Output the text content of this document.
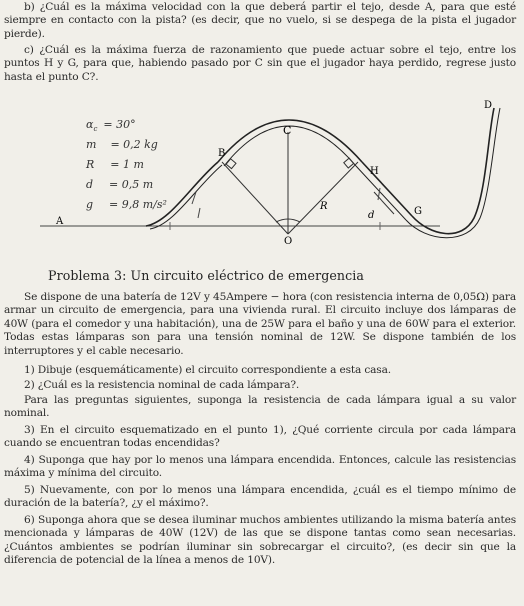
b) ¿Cuál es la máxima velocidad con la que deberá partir el tejo, desde A, para que esté siempre en contacto con la pista? (es decir, que no vuelo, si se despega de la pista el jugador pierde).

c) ¿Cuál es la máxima fuerza de razonamiento que puede actuar sobre el tejo, entre los puntos H y G, para que, habiendo pasado por C sin que el jugador haya perdido, regrese justo hasta el punto C?.

A
B
C
D
H
G
O
R
d
$\alpha_c = 30^\circ$
m = 0,2 kg
R = 1 m
d = 0,5 m
g = 9,8 m/s²

Problema 3: Un circuito eléctrico de emergencia

Se dispone de una batería de 12V y 45Ampere − hora (con resistencia interna de 0,05Ω) para armar un circuito de emergencia, para una vivienda rural. El circuito incluye dos lámparas de 40W (para el comedor y una habitación), una de 25W para el baño y una de 60W para el exterior. Todas estas lámparas son para una tensión nominal de 12W. Se dispone también de los interruptores y el cable necesario.

1) Dibuje (esquemáticamente) el circuito correspondiente a esta casa.

2) ¿Cuál es la resistencia nominal de cada lámpara?.

Para las preguntas siguientes, suponga la resistencia de cada lámpara igual a su valor nominal.

3) En el circuito esquematizado en el punto 1), ¿Qué corriente circula por cada lámpara cuando se encuentran todas encendidas?

4) Suponga que hay por lo menos una lámpara encendida. Entonces, calcule las resistencias máxima y mínima del circuito.

5) Nuevamente, con por lo menos una lámpara encendida, ¿cuál es el tiempo mínimo de duración de la batería?, ¿y el máximo?.

6) Suponga ahora que se desea iluminar muchos ambientes utilizando la misma batería antes mencionada y lámparas de 40W (12V) de las que se dispone tantas como sean necesarias. ¿Cuántos ambientes se podrían iluminar sin sobrecargar el circuito?, (es decir sin que la diferencia de potencial de la línea a menos de 10V).
